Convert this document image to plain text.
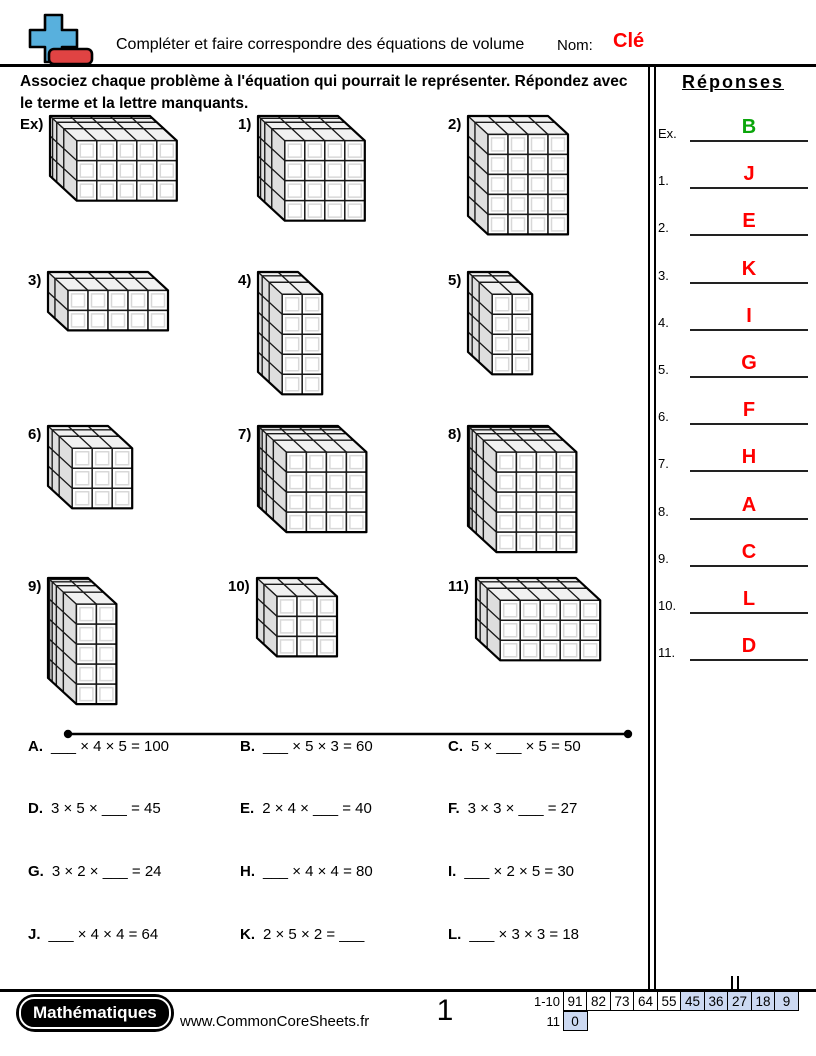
Compléter et faire correspondre des équations de volume Nom: Clé
Associez chaque problème à l'équation qui pourrait le représenter. Répondez avec le terme et la lettre manquants.
Ex)	1)	2)
3)	4)	5)
6)	7)	8)
9)	10)	11)
A. ___ × 4 × 5 = 100	B. ___ × 5 × 3 = 60	C. 5 × ___ × 5 = 50
D. 3 × 5 × ___ = 45	E. 2 × 4 × ___ = 40	F. 3 × 3 × ___ = 27
G. 3 × 2 × ___ = 24	H. ___ × 4 × 4 = 80	I. ___ × 2 × 5 = 30
J. ___ × 4 × 4 = 64	K. 2 × 5 × 2 = ___	L. ___ × 3 × 3 = 18
Réponses
Ex.	B
1.	J
2.	E
3.	K
4.	I
5.	G
6.	F
7.	H
8.	A
9.	C
10.	L
11.	D
Mathématiques	www.CommonCoreSheets.fr	1	1-10 91 82 73 64 55 45 36 27 18 9
11 0
